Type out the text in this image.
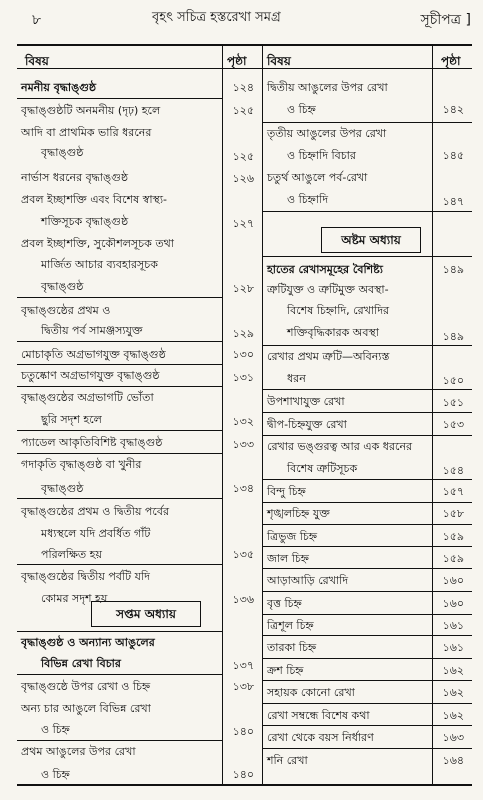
৮	বৃহৎ সচিত্র হস্তরেখা সমগ্র	সূচীপত্র ]
বিষয়	পৃষ্ঠা বিষয়	পৃষ্ঠা
নমনীয় বৃদ্ধাঙ্গুষ্ঠ	১২৪
বৃদ্ধাঙ্গুষ্ঠটি অনমনীয় (দৃঢ়) হলে	১২৫
আদি বা প্রাথমিক ভারি ধরনের
বৃদ্ধাঙ্গুষ্ঠ	১২৫
নার্ভাস ধরনের বৃদ্ধাঙ্গুষ্ঠ	১২৬
প্রবল ইচ্ছাশক্তি এবং বিশেষ স্বাস্থ্য-
শক্তিসূচক বৃদ্ধাঙ্গুষ্ঠ	১২৭
প্রবল ইচ্ছাশক্তি, সুকৌশলসূচক তথা
মার্জিত আচার ব্যবহারসূচক
বৃদ্ধাঙ্গুষ্ঠ	১২৮
বৃদ্ধাঙ্গুষ্ঠের প্রথম ও
দ্বিতীয় পর্ব সামঞ্জস্যযুক্ত	১২৯
মোচাকৃতি অগ্রভাগযুক্ত বৃদ্ধাঙ্গুষ্ঠ	১৩০
চতুষ্কোণ অগ্রভাগযুক্ত বৃদ্ধাঙ্গুষ্ঠ	১৩১
বৃদ্ধাঙ্গুষ্ঠের অগ্রভাগটি ভোঁতা
ছুরি সদৃশ হলে	১৩২
প্যাডেল আকৃতিবিশিষ্ট বৃদ্ধাঙ্গুষ্ঠ	১৩৩
গদাকৃতি বৃদ্ধাঙ্গুষ্ঠ বা খুনীর
বৃদ্ধাঙ্গুষ্ঠ	১৩৪
বৃদ্ধাঙ্গুষ্ঠের প্রথম ও দ্বিতীয় পর্বের
মধ্যস্থলে যদি প্রবর্ধিত গাঁট
পরিলক্ষিত হয়	১৩৫
বৃদ্ধাঙ্গুষ্ঠের দ্বিতীয় পর্বটি যদি
কোমর সদৃশ হয়	১৩৬
সপ্তম অধ্যায়
বৃদ্ধাঙ্গুষ্ঠ ও অন্যান্য আঙুলের
বিভিন্ন রেখা বিচার	১৩৭
বৃদ্ধাঙ্গুষ্ঠে উপর রেখা ও চিহ্ন	১৩৮
অন্য চার আঙুলে বিভিন্ন রেখা
ও চিহ্ন	১৪০
প্রথম আঙুলের উপর রেখা
ও চিহ্ন	১৪০
দ্বিতীয় আঙুলের উপর রেখা
ও চিহ্ন	১৪২
তৃতীয় আঙুলের উপর রেখা
ও চিহ্নাদি বিচার	১৪৫
চতুর্থ আঙুলে পর্ব-রেখা
ও চিহ্নাদি	১৪৭
অষ্টম অধ্যায়
হাতের রেখাসমূহের বৈশিষ্ট্য	১৪৯
ত্রুটিযুক্ত ও ত্রুটিমুক্ত অবস্থা-
বিশেষ চিহ্নাদি, রেখাদির
শক্তিবৃদ্ধিকারক অবস্থা	১৪৯
রেখার প্রথম ত্রুটি—অবিন্যস্ত
ধরন	১৫০
উপশাখাযুক্ত রেখা	১৫১
দ্বীপ-চিহ্নযুক্ত রেখা	১৫৩
রেখার ভঙ্গুরত্ব আর এক ধরনের
বিশেষ ত্রুটিসূচক	১৫৪
বিন্দু চিহ্ন	১৫৭
শৃঙ্খলচিহ্ন যুক্ত	১৫৮
ত্রিভুজ চিহ্ন	১৫৯
জাল চিহ্ন	১৫৯
আড়াআড়ি রেখাদি	১৬০
বৃত্ত চিহ্ন	১৬০
ত্রিশূল চিহ্ন	১৬১
তারকা চিহ্ন	১৬১
ক্রশ চিহ্ন	১৬২
সহায়ক কোনো রেখা	১৬২
রেখা সম্বন্ধে বিশেষ কথা	১৬২
রেখা থেকে বয়স নির্ধারণ	১৬৩
শনি রেখা	১৬৪
